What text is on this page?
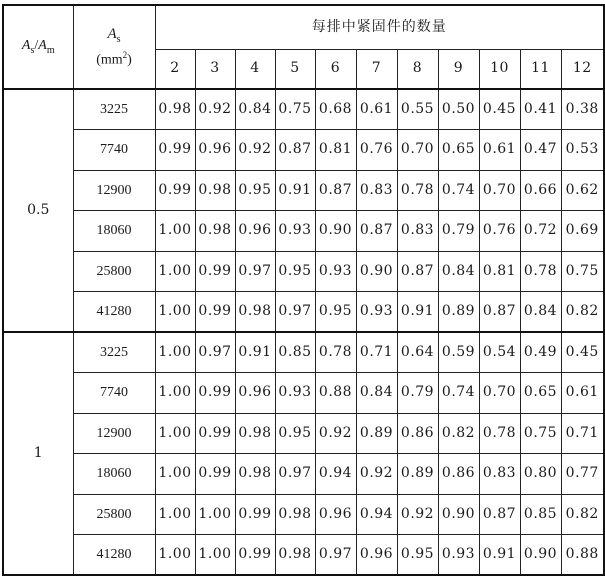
$A_s/A_m$	$A_s$
$(mm^2)$	每排中紧固件的数量										
		2	3	4	5	6	7	8	9	10	11	12
0.5	3225	0.98	0.92	0.84	0.75	0.68	0.61	0.55	0.50	0.45	0.41	0.38
	7740	0.99	0.96	0.92	0.87	0.81	0.76	0.70	0.65	0.61	0.47	0.53
	12900	0.99	0.98	0.95	0.91	0.87	0.83	0.78	0.74	0.70	0.66	0.62
	18060	1.00	0.98	0.96	0.93	0.90	0.87	0.83	0.79	0.76	0.72	0.69
	25800	1.00	0.99	0.97	0.95	0.93	0.90	0.87	0.84	0.81	0.78	0.75
	41280	1.00	0.99	0.98	0.97	0.95	0.93	0.91	0.89	0.87	0.84	0.82
1	3225	1.00	0.97	0.91	0.85	0.78	0.71	0.64	0.59	0.54	0.49	0.45
	7740	1.00	0.99	0.96	0.93	0.88	0.84	0.79	0.74	0.70	0.65	0.61
	12900	1.00	0.99	0.98	0.95	0.92	0.89	0.86	0.82	0.78	0.75	0.71
	18060	1.00	0.99	0.98	0.97	0.94	0.92	0.89	0.86	0.83	0.80	0.77
	25800	1.00	1.00	0.99	0.98	0.96	0.94	0.92	0.90	0.87	0.85	0.82
	41280	1.00	1.00	0.99	0.98	0.97	0.96	0.95	0.93	0.91	0.90	0.88
